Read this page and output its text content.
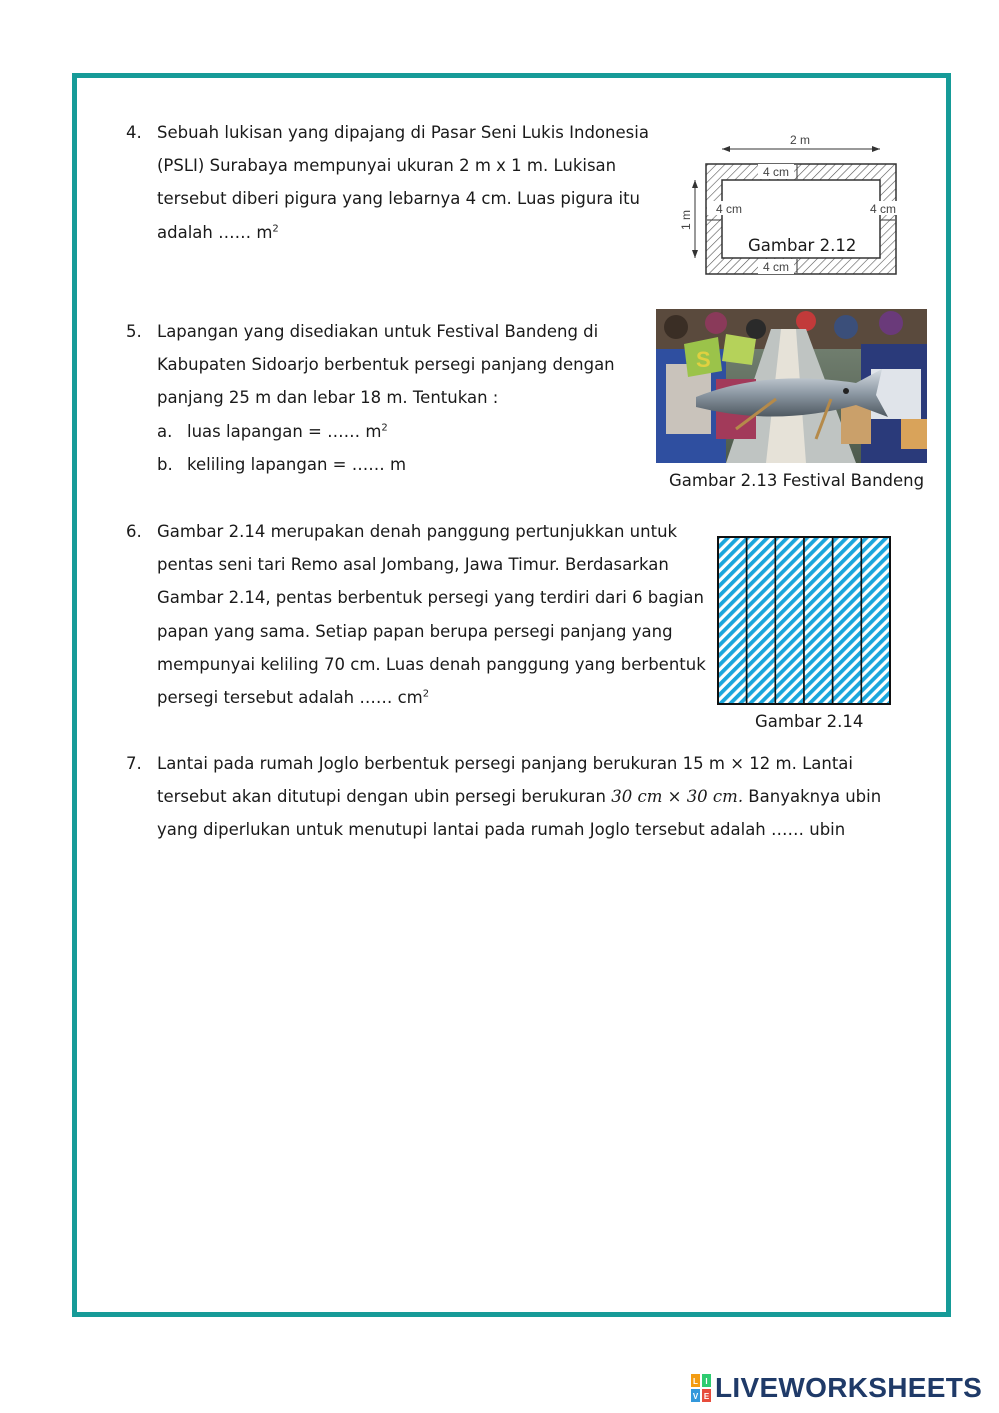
4. Sebuah lukisan yang dipajang di Pasar Seni Lukis Indonesia
(PSLI) Surabaya mempunyai ukuran 2 m x 1 m. Lukisan
tersebut diberi pigura yang lebarnya 4 cm. Luas pigura itu
adalah …… $m^2$
2 m
1 m
4 cm
4 cm
4 cm	4 cm
Gambar 2.12
5. Lapangan yang disediakan untuk Festival Bandeng di
Kabupaten Sidoarjo berbentuk persegi panjang dengan
panjang 25 m dan lebar 18 m. Tentukan :
a. luas lapangan = …… $m^2$
b. keliling lapangan = …… m
S
Gambar 2.13 Festival Bandeng
6. Gambar 2.14 merupakan denah panggung pertunjukkan untuk
pentas seni tari Remo asal Jombang, Jawa Timur. Berdasarkan
Gambar 2.14, pentas berbentuk persegi yang terdiri dari 6 bagian
papan yang sama. Setiap papan berupa persegi panjang yang
mempunyai keliling 70 cm. Luas denah panggung yang berbentuk
persegi tersebut adalah …… $cm^2$
Gambar 2.14
7. Lantai pada rumah Joglo berbentuk persegi panjang berukuran 15 m × 12 m. Lantai
tersebut akan ditutupi dengan ubin persegi berukuran 30 cm × 30 cm. Banyaknya ubin
yang diperlukan untuk menutupi lantai pada rumah Joglo tersebut adalah …… ubin
L I
V E LIVEWORKSHEETS
